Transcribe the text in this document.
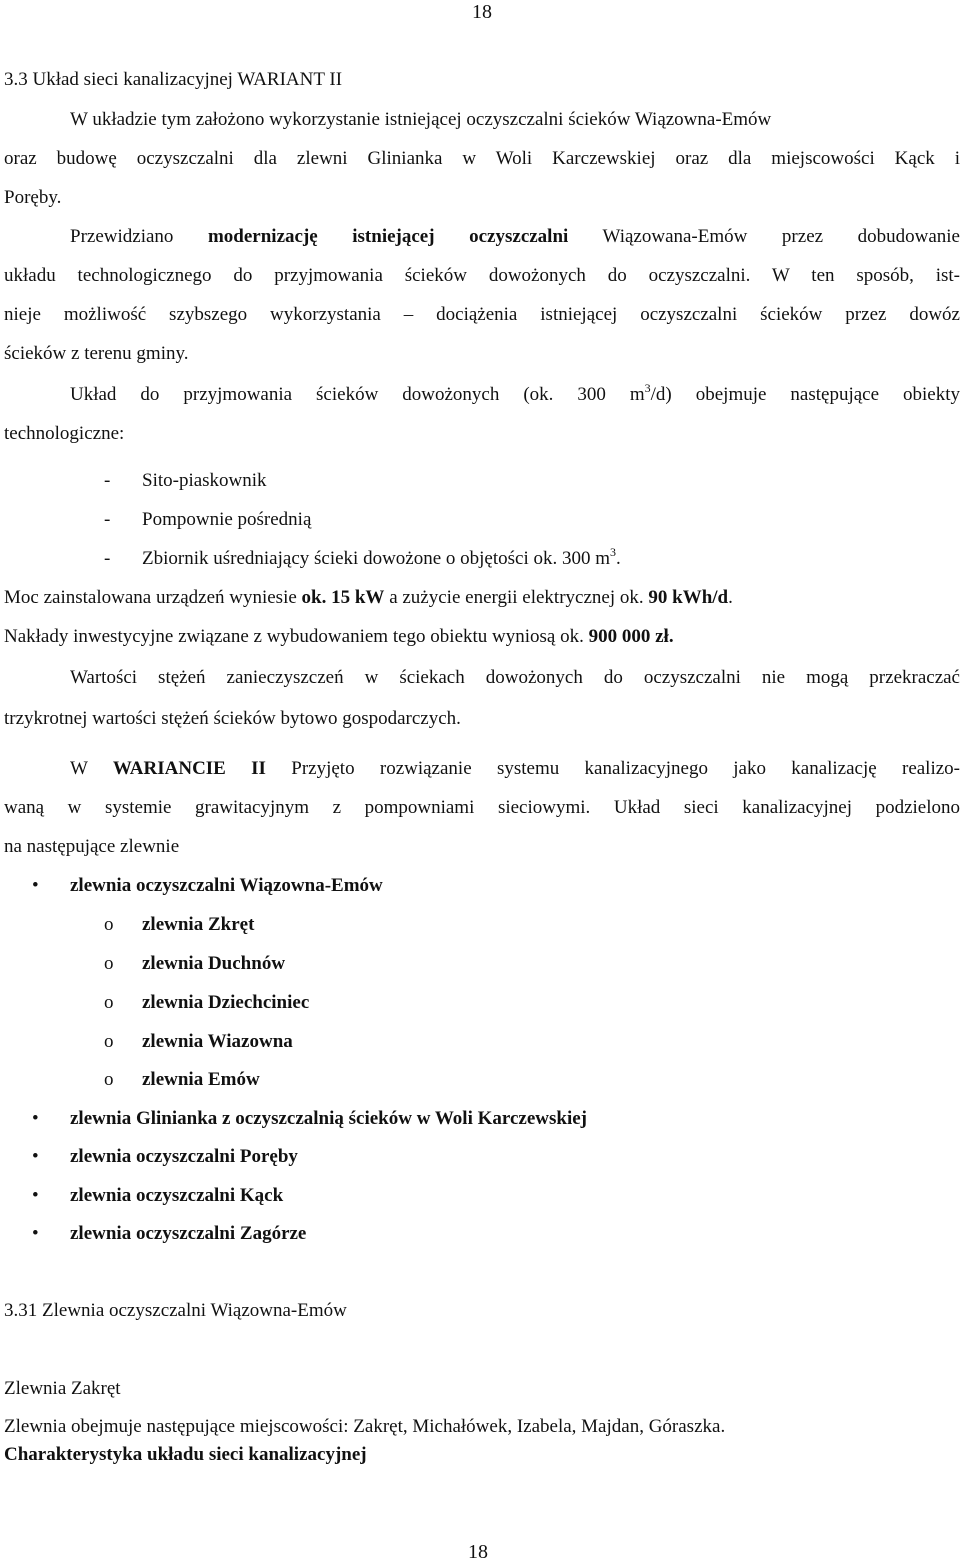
18
3.3 Układ sieci kanalizacyjnej WARIANT II
W układzie tym założono wykorzystanie istniejącej oczyszczalni ścieków Wiązowna-Emów
oraz budowę oczyszczalni dla zlewni Glinianka w Woli Karczewskiej oraz dla miejscowości Kąck i
Poręby.
Przewidziano modernizację istniejącej oczyszczalni Wiązowana-Emów przez dobudowanie
układu technologicznego do przyjmowania ścieków dowożonych do oczyszczalni. W ten sposób, ist-
nieje możliwość szybszego wykorzystania – dociążenia istniejącej oczyszczalni ścieków przez dowóz
ścieków z terenu gminy.
Układ do przyjmowania ścieków dowożonych (ok. 300 $m^3/d$) obejmuje następujące obiekty
technologiczne:
- Sito-piaskownik
- Pompownie pośrednią
- Zbiornik uśredniający ścieki dowożone o objętości ok. 300 $m^3$.
Moc zainstalowana urządzeń wyniesie ok. 15 kW a zużycie energii elektrycznej ok. 90 kWh/d.
Nakłady inwestycyjne związane z wybudowaniem tego obiektu wyniosą ok. 900 000 zł.
Wartości stężeń zanieczyszczeń w ściekach dowożonych do oczyszczalni nie mogą przekraczać
trzykrotnej wartości stężeń ścieków bytowo gospodarczych.
W WARIANCIE II Przyjęto rozwiązanie systemu kanalizacyjnego jako kanalizację realizo-
waną w systemie grawitacyjnym z pompowniami sieciowymi. Układ sieci kanalizacyjnej podzielono
na następujące zlewnie
• zlewnia oczyszczalni Wiązowna-Emów
o zlewnia Zkręt
o zlewnia Duchnów
o zlewnia Dziechciniec
o zlewnia Wiazowna
o zlewnia Emów
• zlewnia Glinianka z oczyszczalnią ścieków w Woli Karczewskiej
• zlewnia oczyszczalni Poręby
• zlewnia oczyszczalni Kąck
• zlewnia oczyszczalni Zagórze
3.31 Zlewnia oczyszczalni Wiązowna-Emów
Zlewnia Zakręt
Zlewnia obejmuje następujące miejscowości: Zakręt, Michałówek, Izabela, Majdan, Góraszka.
Charakterystyka układu sieci kanalizacyjnej
18
